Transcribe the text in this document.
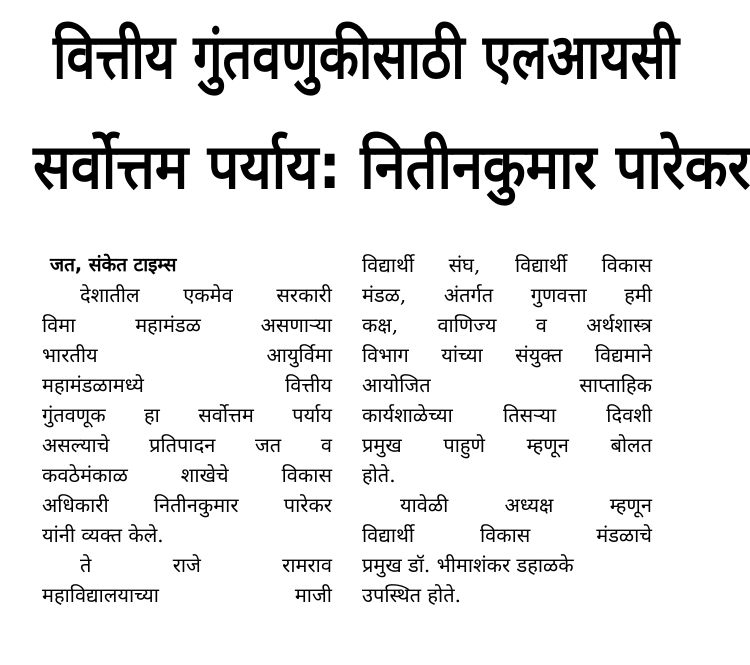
वित्तीय गुंतवणुकीसाठी एलआयसी
सर्वोत्तम पर्याय: नितीनकुमार पारेकर
जत, संकेत टाइम्स
देशातील एकमेव सरकारी
विमा	महामंडळ	असणाऱ्या
भारतीय	आयुर्विमा
महामंडळामध्ये	वित्तीय
गुंतवणूक हा सर्वोत्तम पर्याय
असल्याचे प्रतिपादन जत व
कवठेमंकाळ	शाखेचे	विकास
अधिकारी नितीनकुमार पारेकर
यांनी व्यक्त केले.
ते	राजे	रामराव
महाविद्यालयाच्या	माजी
विद्यार्थी संघ, विद्यार्थी विकास
मंडळ, अंतर्गत गुणवत्ता हमी
कक्ष, वाणिज्य व अर्थशास्त्र
विभाग यांच्या संयुक्त विद्यमाने
आयोजित	साप्ताहिक
कार्यशाळेच्या	तिसऱ्या	दिवशी
प्रमुख पाहुणे म्हणून बोलत
होते.
यावेळी	अध्यक्ष	म्हणून
विद्यार्थी	विकास	मंडळाचे
प्रमुख डॉ. भीमाशंकर डहाळके
उपस्थित होते.
